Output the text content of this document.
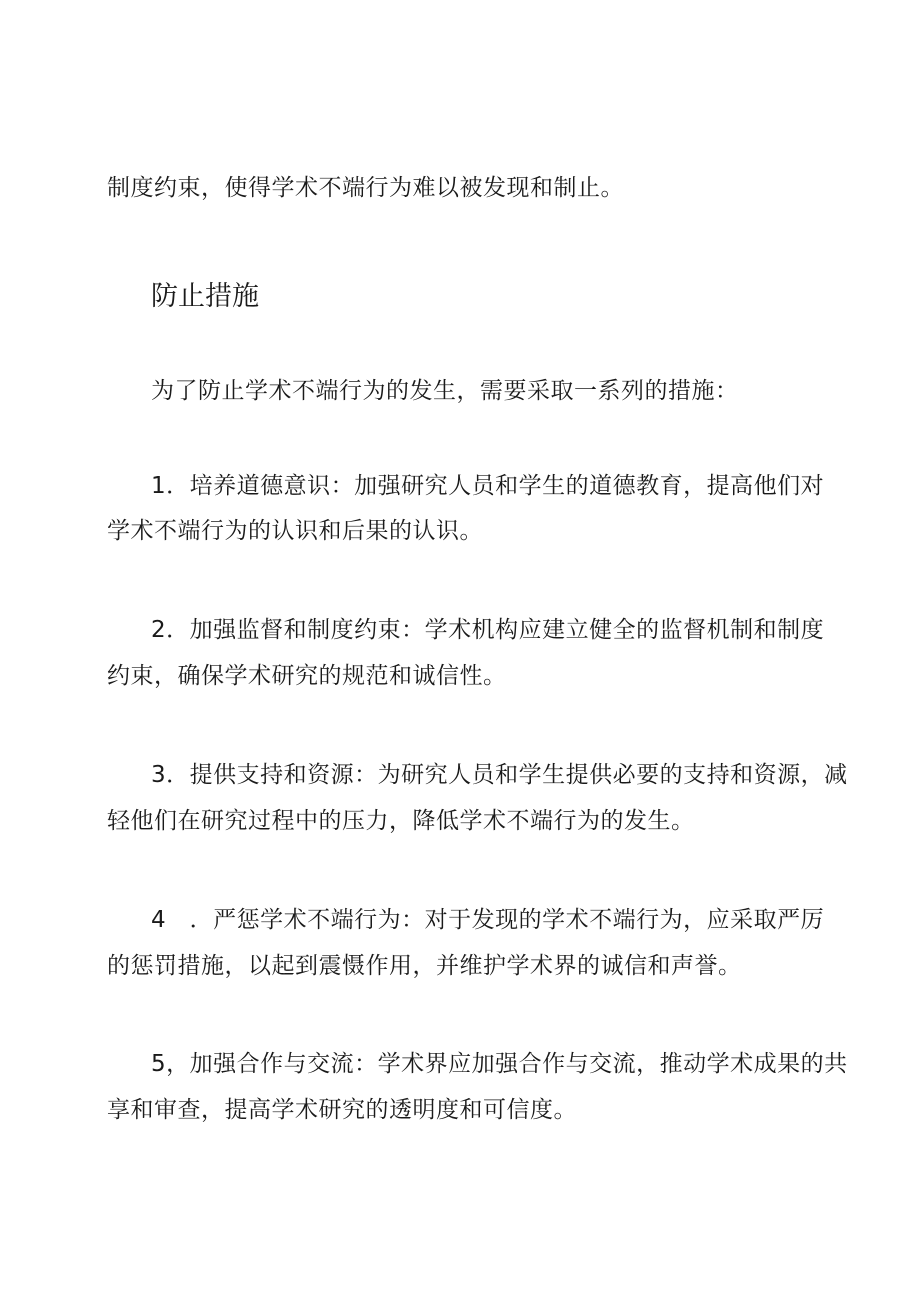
制度约束，使得学术不端行为难以被发现和制止。
防止措施
为了防止学术不端行为的发生，需要采取一系列的措施：
1．培养道德意识：加强研究人员和学生的道德教育，提高他们对
学术不端行为的认识和后果的认识。
2．加强监督和制度约束：学术机构应建立健全的监督机制和制度
约束，确保学术研究的规范和诚信性。
3．提供支持和资源：为研究人员和学生提供必要的支持和资源，减
轻他们在研究过程中的压力，降低学术不端行为的发生。
4　．严惩学术不端行为：对于发现的学术不端行为，应采取严厉
的惩罚措施，以起到震慑作用，并维护学术界的诚信和声誉。
5，加强合作与交流：学术界应加强合作与交流，推动学术成果的共
享和审查，提高学术研究的透明度和可信度。
